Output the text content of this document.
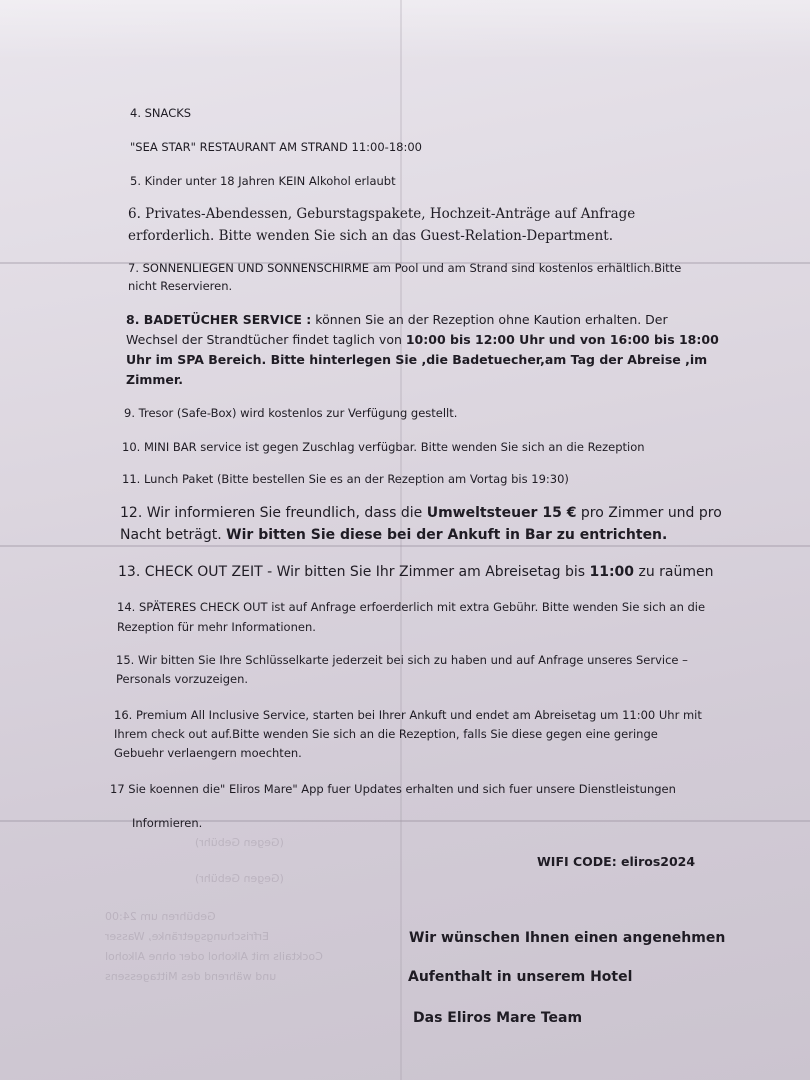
(Gegen Gebühr)
(Gegen Gebühr)
Gebühren um 24:00
Erfrischungsgetränke, Wasser
Cocktails mit Alkohol oder ohne Alkohol
und während des Mittagessens
4. SNACKS
"SEA STAR" RESTAURANT AM STRAND 11:00-18:00
5. Kinder unter 18 Jahren KEIN Alkohol erlaubt
6. Privates-Abendessen, Geburstagspakete, Hochzeit-Anträge auf Anfrage
erforderlich. Bitte wenden Sie sich an das Guest-Relation-Department.
7. SONNENLIEGEN UND SONNENSCHIRME am Pool und am Strand sind kostenlos erhältlich.Bitte
nicht Reservieren.
8. BADETÜCHER SERVICE : können Sie an der Rezeption ohne Kaution erhalten. Der
Wechsel der Strandtücher findet taglich von 10:00 bis 12:00 Uhr und von 16:00 bis 18:00
Uhr im SPA Bereich. Bitte hinterlegen Sie ,die Badetuecher,am Tag der Abreise ,im
Zimmer.
9. Tresor (Safe-Box) wird kostenlos zur Verfügung gestellt.
10. MINI BAR service ist gegen Zuschlag verfügbar. Bitte wenden Sie sich an die Rezeption
11. Lunch Paket (Bitte bestellen Sie es an der Rezeption am Vortag bis 19:30)
12. Wir informieren Sie freundlich, dass die Umweltsteuer 15 € pro Zimmer und pro
Nacht beträgt. Wir bitten Sie diese bei der Ankuft in Bar zu entrichten.
13. CHECK OUT ZEIT - Wir bitten Sie Ihr Zimmer am Abreisetag bis 11:00 zu raümen
14. SPÄTERES CHECK OUT ist auf Anfrage erfoerderlich mit extra Gebühr. Bitte wenden Sie sich an die
Rezeption für mehr Informationen.
15. Wir bitten Sie Ihre Schlüsselkarte jederzeit bei sich zu haben und auf Anfrage unseres Service –
Personals vorzuzeigen.
16. Premium All Inclusive Service, starten bei Ihrer Ankuft und endet am Abreisetag um 11:00 Uhr mit
Ihrem check out auf.Bitte wenden Sie sich an die Rezeption, falls Sie diese gegen eine geringe
Gebuehr verlaengern moechten.
17 Sie koennen die" Eliros Mare" App fuer Updates erhalten und sich fuer unsere Dienstleistungen
Informieren.
WIFI CODE: eliros2024
Wir wünschen Ihnen einen angenehmen
Aufenthalt in unserem Hotel
Das Eliros Mare Team
